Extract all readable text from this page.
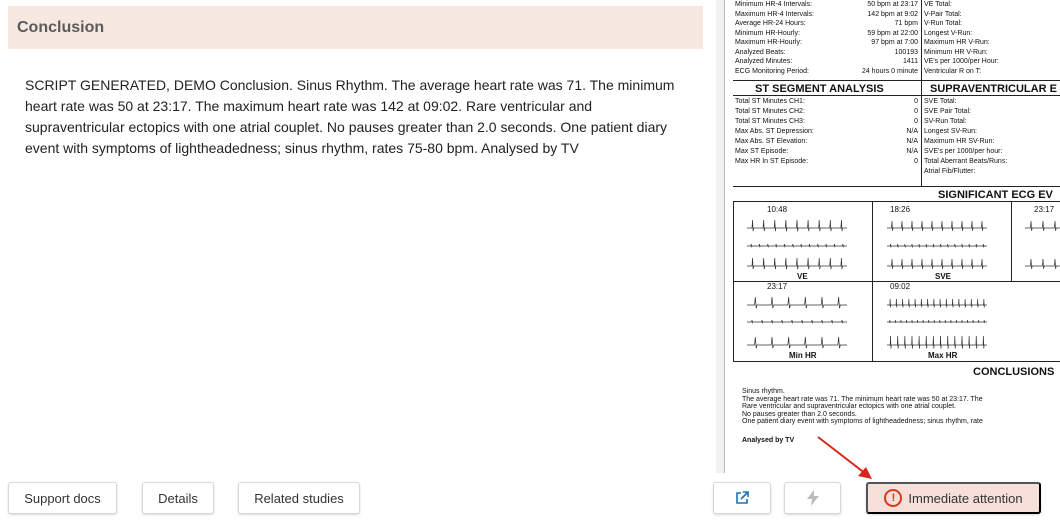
Conclusion
SCRIPT GENERATED, DEMO Conclusion. Sinus Rhythm. The average heart rate was 71. The minimum heart rate was 50 at 23:17. The maximum heart rate was 142 at 09:02. Rare ventricular and supraventricular ectopics with one atrial couplet. No pauses greater than 2.0 seconds. One patient diary event with symptoms of lightheadedness; sinus rhythm, rates 75-80 bpm. Analysed by TV
Support docs	Details	Related studies
Minimum HR-4 Intervals:	50 bpm at 23:17
Maximum HR-4 Intervals:	142 bpm at 9:02
Average HR-24 Hours:	71 bpm
Minimum HR-Hourly:	59 bpm at 22:00
Maximum HR-Hourly:	97 bpm at 7:00
Analyzed Beats:	100193
Analyzed Minutes:	1411
ECG Monitoring Period:	24 hours 0 minute
VE Total:
V-Pair Total:
V-Run Total:
Longest V-Run:
Maximum HR V-Run:
Minimum HR V-Run:
VE's per 1000/per Hour:
Ventricular R on T:
ST SEGMENT ANALYSIS	SUPRAVENTRICULAR E
Total ST Minutes CH1:	0
Total ST Minutes CH2:	0
Total ST Minutes CH3:	0
Max Abs. ST Depression:	N/A
Max Abs. ST Elevation:	N/A
Max ST Episode:	N/A
Max HR In ST Episode:	0
SVE Total:
SVE Pair Total:
SV-Run Total:
Longest SV-Run:
Maximum HR SV-Run:
SVE's per 1000/per hour:
Total Aberrant Beats/Runs:
Atrial Fib/Flutter:
SIGNIFICANT ECG EV
10:48	18:26	23:17
23:17	09:02
VE	SVE
Min HR	Max HR
CONCLUSIONS
Sinus rhythm.
The average heart rate was 71. The minimum heart rate was 50 at 23:17. The
Rare ventricular and supraventricular ectopics with one atrial couplet.
No pauses greater than 2.0 seconds.
One patient diary event with symptoms of lightheadedness; sinus rhythm, rate
Analysed by TV
!	Immediate attention
